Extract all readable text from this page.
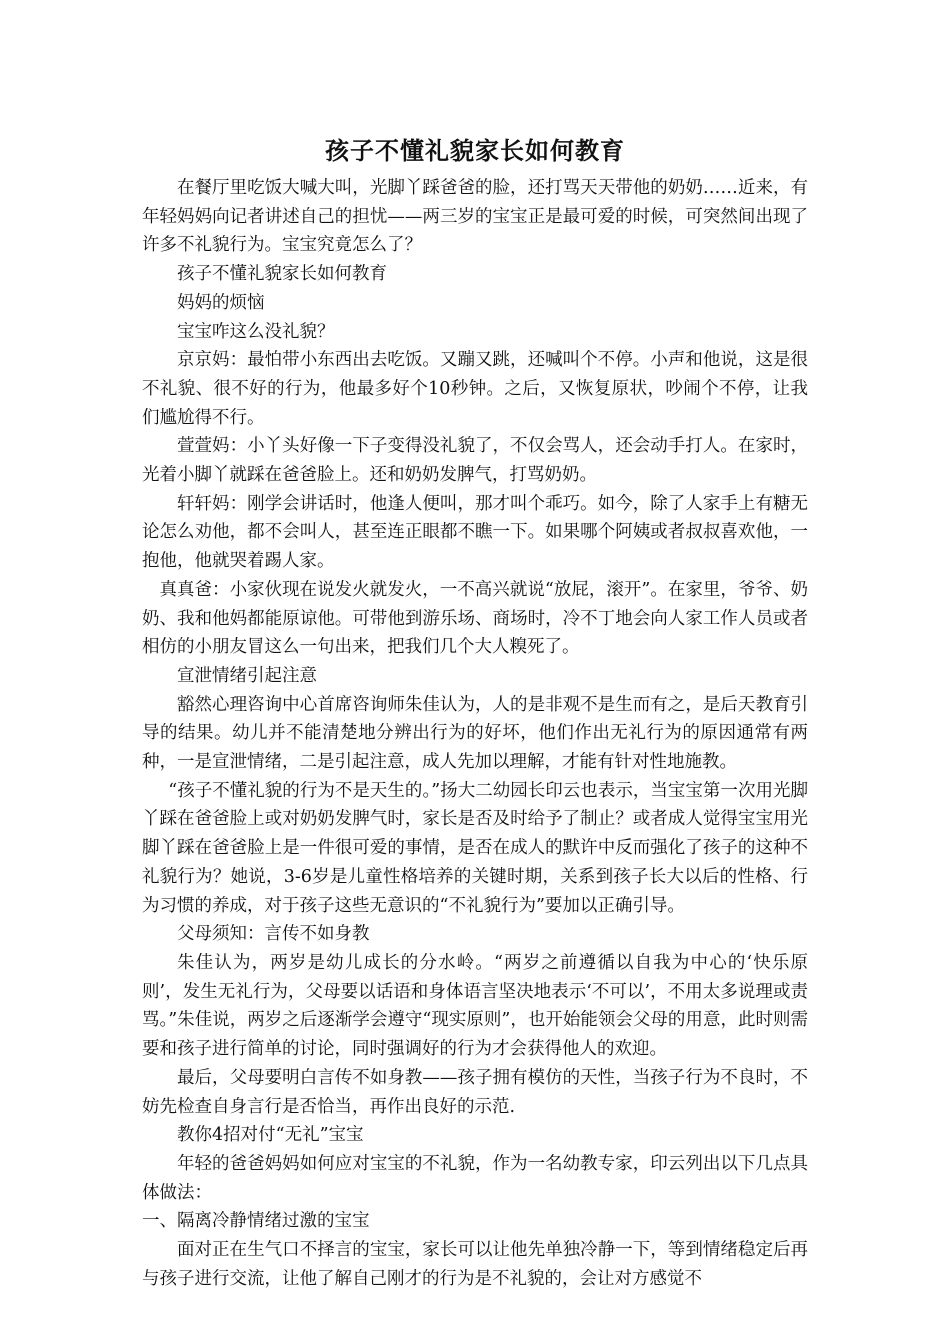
孩子不懂礼貌家长如何教育

在餐厅里吃饭大喊大叫，光脚丫踩爸爸的脸，还打骂天天带他的奶奶……近来，有年轻妈妈向记者讲述自己的担忧——两三岁的宝宝正是最可爱的时候，可突然间出现了许多不礼貌行为。宝宝究竟怎么了？

孩子不懂礼貌家长如何教育

妈妈的烦恼

宝宝咋这么没礼貌？

京京妈：最怕带小东西出去吃饭。又蹦又跳，还喊叫个不停。小声和他说，这是很不礼貌、很不好的行为，他最多好个10秒钟。之后，又恢复原状，吵闹个不停，让我们尴尬得不行。

萱萱妈：小丫头好像一下子变得没礼貌了，不仅会骂人，还会动手打人。在家时，光着小脚丫就踩在爸爸脸上。还和奶奶发脾气，打骂奶奶。

轩轩妈：刚学会讲话时，他逢人便叫，那才叫个乖巧。如今，除了人家手上有糖无论怎么劝他，都不会叫人，甚至连正眼都不瞧一下。如果哪个阿姨或者叔叔喜欢他，一抱他，他就哭着踢人家。

真真爸：小家伙现在说发火就发火，一不高兴就说“放屁，滚开”。在家里，爷爷、奶奶、我和他妈都能原谅他。可带他到游乐场、商场时，冷不丁地会向人家工作人员或者相仿的小朋友冒这么一句出来，把我们几个大人糗死了。

宣泄情绪引起注意

豁然心理咨询中心首席咨询师朱佳认为，人的是非观不是生而有之，是后天教育引导的结果。幼儿并不能清楚地分辨出行为的好坏，他们作出无礼行为的原因通常有两种，一是宣泄情绪，二是引起注意，成人先加以理解，才能有针对性地施教。

“孩子不懂礼貌的行为不是天生的。”扬大二幼园长印云也表示，当宝宝第一次用光脚丫踩在爸爸脸上或对奶奶发脾气时，家长是否及时给予了制止？或者成人觉得宝宝用光脚丫踩在爸爸脸上是一件很可爱的事情，是否在成人的默许中反而强化了孩子的这种不礼貌行为？她说，3-6岁是儿童性格培养的关键时期，关系到孩子长大以后的性格、行为习惯的养成，对于孩子这些无意识的“不礼貌行为”要加以正确引导。

父母须知：言传不如身教

朱佳认为，两岁是幼儿成长的分水岭。“两岁之前遵循以自我为中心的‘快乐原则’，发生无礼行为，父母要以话语和身体语言坚决地表示‘不可以’，不用太多说理或责骂。”朱佳说，两岁之后逐渐学会遵守“现实原则”，也开始能领会父母的用意，此时则需要和孩子进行简单的讨论，同时强调好的行为才会获得他人的欢迎。

最后，父母要明白言传不如身教——孩子拥有模仿的天性，当孩子行为不良时，不妨先检查自身言行是否恰当，再作出良好的示范.

教你4招对付“无礼”宝宝

年轻的爸爸妈妈如何应对宝宝的不礼貌，作为一名幼教专家，印云列出以下几点具体做法：

一、隔离冷静情绪过激的宝宝

面对正在生气口不择言的宝宝，家长可以让他先单独冷静一下，等到情绪稳定后再与孩子进行交流，让他了解自己刚才的行为是不礼貌的，会让对方感觉不
